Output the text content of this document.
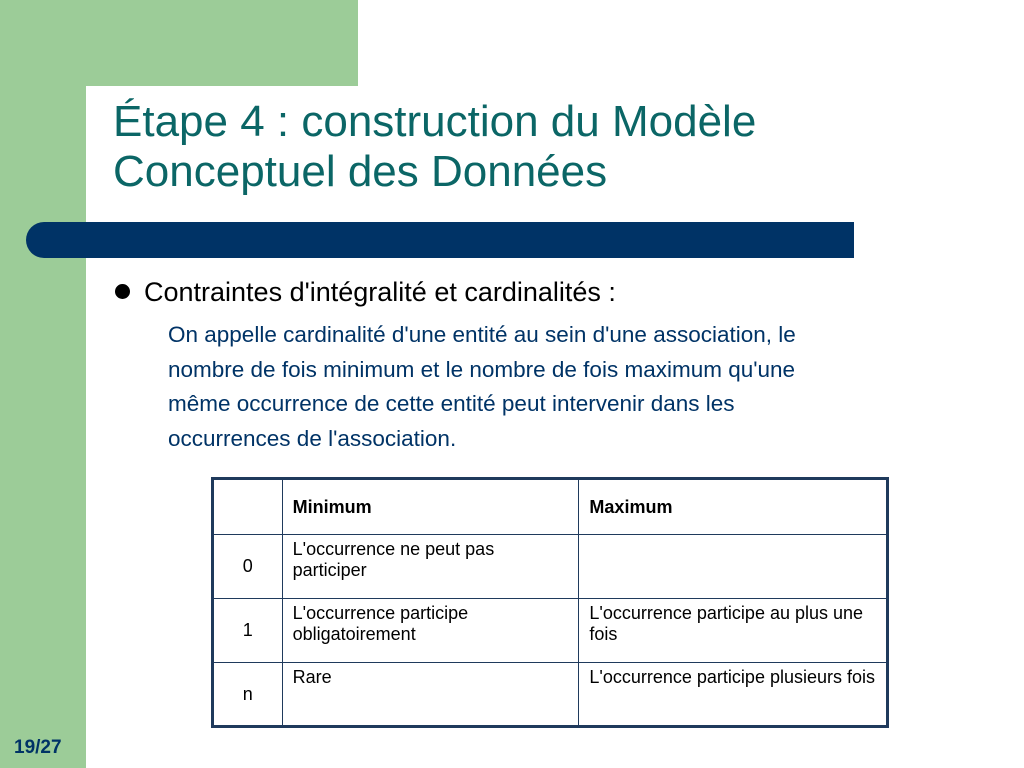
Étape 4 : construction du Modèle
Conceptuel des Données
Contraintes d'intégralité et cardinalités :
On appelle cardinalité d'une entité au sein d'une association, le
nombre de fois minimum et le nombre de fois maximum qu'une
même occurrence de cette entité peut intervenir dans les
occurrences de l'association.
	Minimum	Maximum
0	L'occurrence ne peut pas participer	
1	L'occurrence participe obligatoirement	L'occurrence participe au plus une fois
n	Rare	L'occurrence participe plusieurs fois
19/27
